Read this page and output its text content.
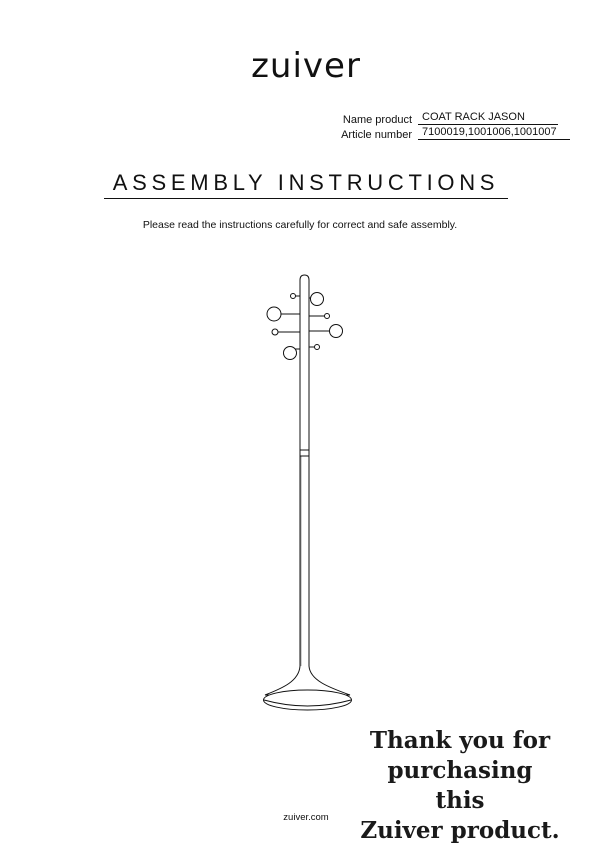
zuiver
Name product COAT RACK JASON
Article number 7100019,1001006,1001007
ASSEMBLY INSTRUCTIONS
Please read the instructions carefully for correct and safe assembly.
Thank you for
purchasing this
Zuiver product.
zuiver.com
